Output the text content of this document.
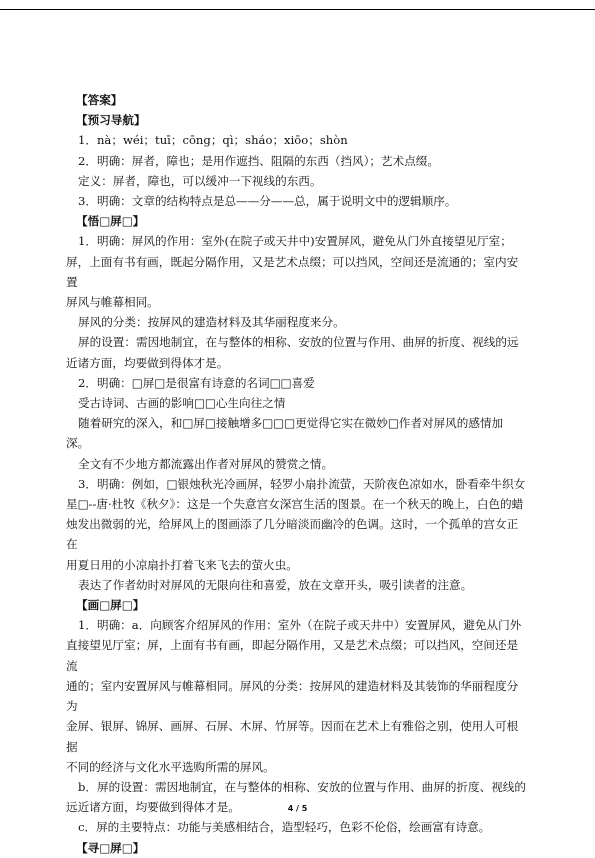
【答案】

【预习导航】

1．nà；wéi；tuī；cōng；qì；sháo；xiōo；shòn

2．明确：屏者，障也；是用作遮挡、阻隔的东西（挡风）；艺术点缀。

定义：屏者，障也，可以缓冲一下视线的东西。

3．明确：文章的结构特点是总——分——总，属于说明文中的逻辑顺序。

【悟□屏□】

1．明确：屏风的作用：室外(在院子或天井中)安置屏风，避免从门外直接望见厅室；

屏，上面有书有画，既起分隔作用，又是艺术点缀；可以挡风，空间还是流通的；室内安置

屏风与帷幕相同。

屏风的分类：按屏风的建造材料及其华丽程度来分。

屏的设置：需因地制宜，在与整体的相称、安放的位置与作用、曲屏的折度、视线的远

近诸方面，均要做到得体才是。

2．明确：□屏□是很富有诗意的名词□□喜爱

受古诗词、古画的影响□□心生向往之情

随着研究的深入，和□屏□接触增多□□□更觉得它实在微妙□作者对屏风的感情加深。

全文有不少地方都流露出作者对屏风的赞赏之情。

3．明确：例如，□银烛秋光冷画屏，轻罗小扇扑流萤，天阶夜色凉如水，卧看牵牛织女

星□--唐·杜牧《秋夕》：这是一个失意宫女深宫生活的图景。在一个秋天的晚上，白色的蜡

烛发出微弱的光，给屏风上的图画添了几分暗淡而幽冷的色调。这时，一个孤单的宫女正在

用夏日用的小凉扇扑打着飞来飞去的萤火虫。

表达了作者幼时对屏风的无限向往和喜爱，放在文章开头，吸引读者的注意。

【画□屏□】

1．明确：a．向顾客介绍屏风的作用：室外（在院子或天井中）安置屏风，避免从门外

直接望见厅室；屏，上面有书有画，即起分隔作用，又是艺术点缀；可以挡风，空间还是流

通的；室内安置屏风与帷幕相同。屏风的分类：按屏风的建造材料及其装饰的华丽程度分为

金屏、银屏、锦屏、画屏、石屏、木屏、竹屏等。因而在艺术上有雅俗之别，使用人可根据

不同的经济与文化水平选购所需的屏风。

b．屏的设置：需因地制宜，在与整体的相称、安放的位置与作用、曲屏的折度、视线的

远近诸方面，均要做到得体才是。

c．屏的主要特点：功能与美感相结合，造型轻巧，色彩不伦俗，绘画富有诗意。

【寻□屏□】

4 / 5
